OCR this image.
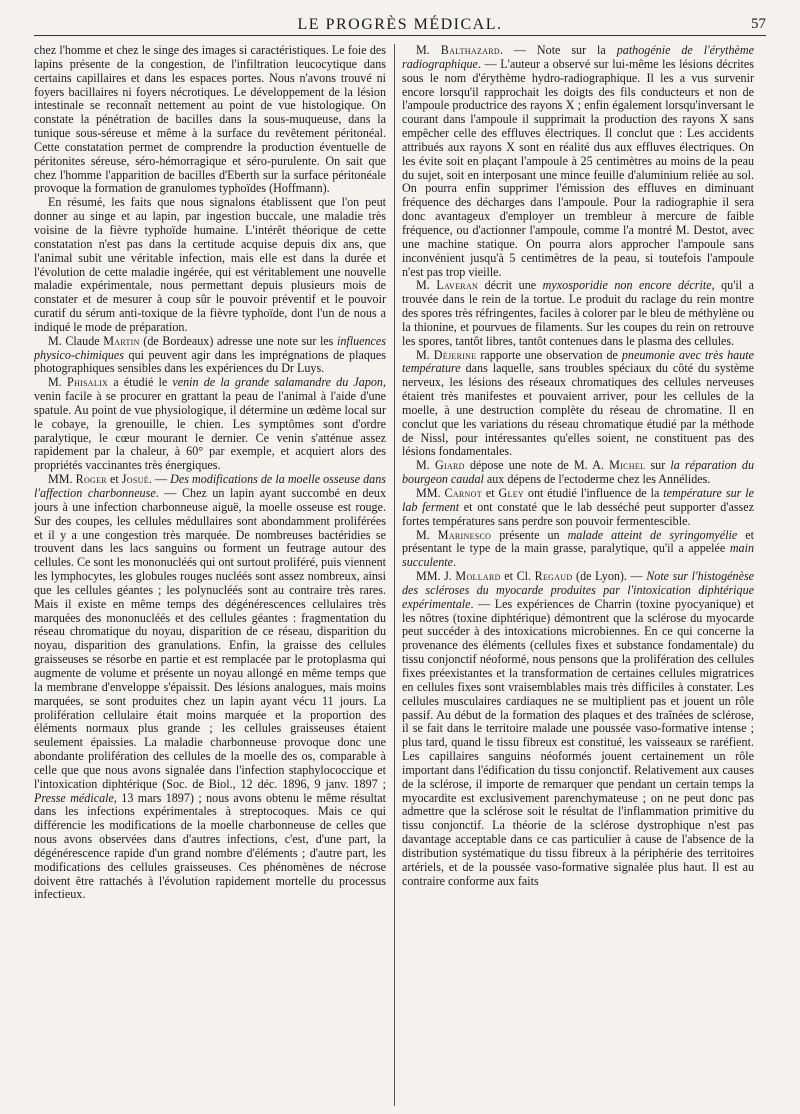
LE PROGRÈS MÉDICAL.	57

chez l'homme et chez le singe des images si caractéristiques. Le foie des lapins présente de la congestion, de l'infiltration leucocytique dans certains capillaires et dans les espaces portes. Nous n'avons trouvé ni foyers bacillaires ni foyers nécrotiques. Le développement de la lésion intestinale se reconnaît nettement au point de vue histologique. On constate la pénétration de bacilles dans la sous-muqueuse, dans la tunique sous-séreuse et même à la surface du revêtement péritonéal. Cette constatation permet de comprendre la production éventuelle de péritonites séreuse, séro-hémorragique et séro-purulente. On sait que chez l'homme l'apparition de bacilles d'Eberth sur la surface péritonéale provoque la formation de granulomes typhoïdes (Hoffmann).

En résumé, les faits que nous signalons établissent que l'on peut donner au singe et au lapin, par ingestion buccale, une maladie très voisine de la fièvre typhoïde humaine. L'intérêt théorique de cette constatation n'est pas dans la certitude acquise depuis dix ans, que l'animal subit une véritable infection, mais elle est dans la durée et l'évolution de cette maladie ingérée, qui est véritablement une nouvelle maladie expérimentale, nous permettant depuis plusieurs mois de constater et de mesurer à coup sûr le pouvoir préventif et le pouvoir curatif du sérum anti-toxique de la fièvre typhoïde, dont l'un de nous a indiqué le mode de préparation.

M. Claude Martin (de Bordeaux) adresse une note sur les influences physico-chimiques qui peuvent agir dans les imprégnations de plaques photographiques sensibles dans les expériences du Dr Luys.

M. Phisalix a étudié le venin de la grande salamandre du Japon, venin facile à se procurer en grattant la peau de l'animal à l'aide d'une spatule. Au point de vue physiologique, il détermine un œdème local sur le cobaye, la grenouille, le chien. Les symptômes sont d'ordre paralytique, le cœur mourant le dernier. Ce venin s'atténue assez rapidement par la chaleur, à 60° par exemple, et acquiert alors des propriétés vaccinantes très énergiques.

MM. Roger et Josué. — Des modifications de la moelle osseuse dans l'affection charbonneuse. — Chez un lapin ayant succombé en deux jours à une infection charbonneuse aiguë, la moelle osseuse est rouge. Sur des coupes, les cellules médullaires sont abondamment proliférées et il y a une congestion très marquée. De nombreuses bactéridies se trouvent dans les lacs sanguins ou forment un feutrage autour des cellules. Ce sont les mononucléés qui ont surtout proliféré, puis viennent les lymphocytes, les globules rouges nucléés sont assez nombreux, ainsi que les cellules géantes ; les polynucléés sont au contraire très rares. Mais il existe en même temps des dégénérescences cellulaires très marquées des mononucléés et des cellules géantes : fragmentation du réseau chromatique du noyau, disparition de ce réseau, disparition du noyau, disparition des granulations. Enfin, la graisse des cellules graisseuses se résorbe en partie et est remplacée par le protoplasma qui augmente de volume et présente un noyau allongé en même temps que la membrane d'enveloppe s'épaissit. Des lésions analogues, mais moins marquées, se sont produites chez un lapin ayant vécu 11 jours. La prolifération cellulaire était moins marquée et la proportion des éléments normaux plus grande ; les cellules graisseuses étaient seulement épaissies. La maladie charbonneuse provoque donc une abondante prolifération des cellules de la moelle des os, comparable à celle que que nous avons signalée dans l'infection staphylococcique et l'intoxication diphtérique (Soc. de Biol., 12 déc. 1896, 9 janv. 1897 ; Presse médicale, 13 mars 1897) ; nous avons obtenu le même résultat dans les infections expérimentales à streptocoques. Mais ce qui différencie les modifications de la moelle charbonneuse de celles que nous avons observées dans d'autres infections, c'est, d'une part, la dégénérescence rapide d'un grand nombre d'éléments ; d'autre part, les modifications des cellules graisseuses. Ces phénomènes de nécrose doivent être rattachés à l'évolution rapidement mortelle du processus infectieux.

M. Balthazard. — Note sur la pathogénie de l'érythème radiographique. — L'auteur a observé sur lui-même les lésions décrites sous le nom d'érythème hydro-radiographique. Il les a vus survenir encore lorsqu'il rapprochait les doigts des fils conducteurs et non de l'ampoule productrice des rayons X ; enfin également lorsqu'inversant le courant dans l'ampoule il supprimait la production des rayons X sans empêcher celle des effluves électriques. Il conclut que : Les accidents attribués aux rayons X sont en réalité dus aux effluves électriques. On les évite soit en plaçant l'ampoule à 25 centimètres au moins de la peau du sujet, soit en interposant une mince feuille d'aluminium reliée au sol. On pourra enfin supprimer l'émission des effluves en diminuant fréquence des décharges dans l'ampoule. Pour la radiographie il sera donc avantageux d'employer un trembleur à mercure de faible fréquence, ou d'actionner l'ampoule, comme l'a montré M. Destot, avec une machine statique. On pourra alors approcher l'ampoule sans inconvénient jusqu'à 5 centimètres de la peau, si toutefois l'ampoule n'est pas trop vieille.

M. Laveran décrit une myxosporidie non encore décrite, qu'il a trouvée dans le rein de la tortue. Le produit du raclage du rein montre des spores très réfringentes, faciles à colorer par le bleu de méthylène ou la thionine, et pourvues de filaments. Sur les coupes du rein on retrouve les spores, tantôt libres, tantôt contenues dans le plasma des cellules.

M. Déjerine rapporte une observation de pneumonie avec très haute température dans laquelle, sans troubles spéciaux du côté du système nerveux, les lésions des réseaux chromatiques des cellules nerveuses étaient très manifestes et pouvaient arriver, pour les cellules de la moelle, à une destruction complète du réseau de chromatine. Il en conclut que les variations du réseau chromatique étudié par la méthode de Nissl, pour intéressantes qu'elles soient, ne constituent pas des lésions fondamentales.

M. Giard dépose une note de M. A. Michel sur la réparation du bourgeon caudal aux dépens de l'ectoderme chez les Annélides.

MM. Carnot et Gley ont étudié l'influence de la température sur le lab ferment et ont constaté que le lab desséché peut supporter d'assez fortes températures sans perdre son pouvoir fermentescible.

M. Marinesco présente un malade atteint de syringomyélie et présentant le type de la main grasse, paralytique, qu'il a appelée main succulente.

MM. J. Mollard et Cl. Regaud (de Lyon). — Note sur l'histogénèse des scléroses du myocarde produites par l'intoxication diphtérique expérimentale. — Les expériences de Charrin (toxine pyocyanique) et les nôtres (toxine diphtérique) démontrent que la sclérose du myocarde peut succéder à des intoxications microbiennes. En ce qui concerne la provenance des éléments (cellules fixes et substance fondamentale) du tissu conjonctif néoformé, nous pensons que la prolifération des cellules fixes préexistantes et la transformation de certaines cellules migratrices en cellules fixes sont vraisemblables mais très difficiles à constater. Les cellules musculaires cardiaques ne se multiplient pas et jouent un rôle passif. Au début de la formation des plaques et des traînées de sclérose, il se fait dans le territoire malade une poussée vaso-formative intense ; plus tard, quand le tissu fibreux est constitué, les vaisseaux se raréfient. Les capillaires sanguins néoformés jouent certainement un rôle important dans l'édification du tissu conjonctif. Relativement aux causes de la sclérose, il importe de remarquer que pendant un certain temps la myocardite est exclusivement parenchymateuse ; on ne peut donc pas admettre que la sclérose soit le résultat de l'inflammation primitive du tissu conjonctif. La théorie de la sclérose dystrophique n'est pas davantage acceptable dans ce cas particulier à cause de l'absence de la distribution systématique du tissu fibreux à la périphérie des territoires artériels, et de la poussée vaso-formative signalée plus haut. Il est au contraire conforme aux faits
